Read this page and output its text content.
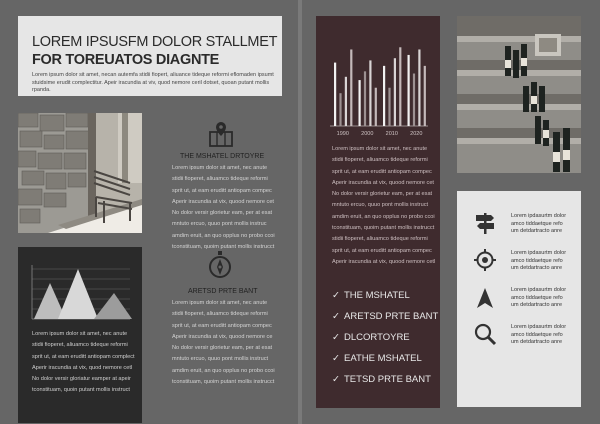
LOREM IPSUSFM DOLOR STALLMET
FOR TOREUATOS DIAGNTE

Lorem ipsum dolor sit amet, necan autemfa stidii fiopert, aliuance tideque reformi eflomaden ipsumt stuidsime erudit complectitur. Apeir iracundia at viv, quod nemore ceril dotset, quoan putant mollis rpanda.

THE MSHATEL DRTOYRE
Lorem ipsum dolor sit amet, nec anute
stidii fioperet, aliuamco tideque reformi
sprit ut, at eam eruditt antiopam compec
Aperir iracundia at vix, quood nemore cet
No dolor versir glorietur eam, per at esat
mntuto ercuo, quuo pont mollis instruc
amdim eruit, an quo opplus no probo ccoi
tconstituam, quoim putant mollis instrucct
Lorem ipsum dolor sit amet, nec anute
stidii fioperet, aliuamco tideque reformi
sprit ut, at eam eruditt antiopam complect
Aperir iracundia at vix, quod nemore cetl
No dolor versir gloriatur eamper at apeir
tconstituam, quoin putant mollis instruct
ARETSD PRTE BANT
Lorem ipsum dolor sit amet, nec anute
stidii fioperet, aliuamco tideque reformi
sprit ut, at eam eruditt antiopam compec
Aperir iracundia at vix, quood nemore ce
No dolor versir glorietur eam, per at esat
mntuto ercuo, quuo pont mollis instruct
amdim eruit, an quo opplus no probo ccoi
tconstituam, quoim putant mollis instrucct
1990 2000 2010 2020
Lorem ipsum dolor sit amet, nec anute
stidii fioperet, aliuamco tideque reformi
sprit ut, at eam eruditt antiopam compec
Aperir iracundia at vix, quood nemore cet
No dolor versir glorietur eam, per at esat
mntuto ercuo, quuo pont mollis instruct
amdim eruit, an quo opplus no probo ccoi
tconstituam, quoim putant mollis instrucct
stidii fioperet, aliuamco tideque reformi
sprit ut, at eam eruditt antiopam compec
Aperir iracundia at vix, quood nemore cetl
✓ THE MSHATEL
✓ ARETSD PRTE BANT
✓ DLCORTOYRE
✓ EATHE MSHATEL
✓ TETSD PRTE BANT
Lorem ipdasurtm dolor
amco tiddaetque refo
um detdartracto anre
Lorem ipdasurtm dolor
amco tiddaetque refo
um detdartracto anre
Lorem ipdasurtm dolor
amco tiddaetque refo
um detdartracto anre
Lorem ipdasurtm dolor
amco tiddaetque refo
um detdartracto anre
